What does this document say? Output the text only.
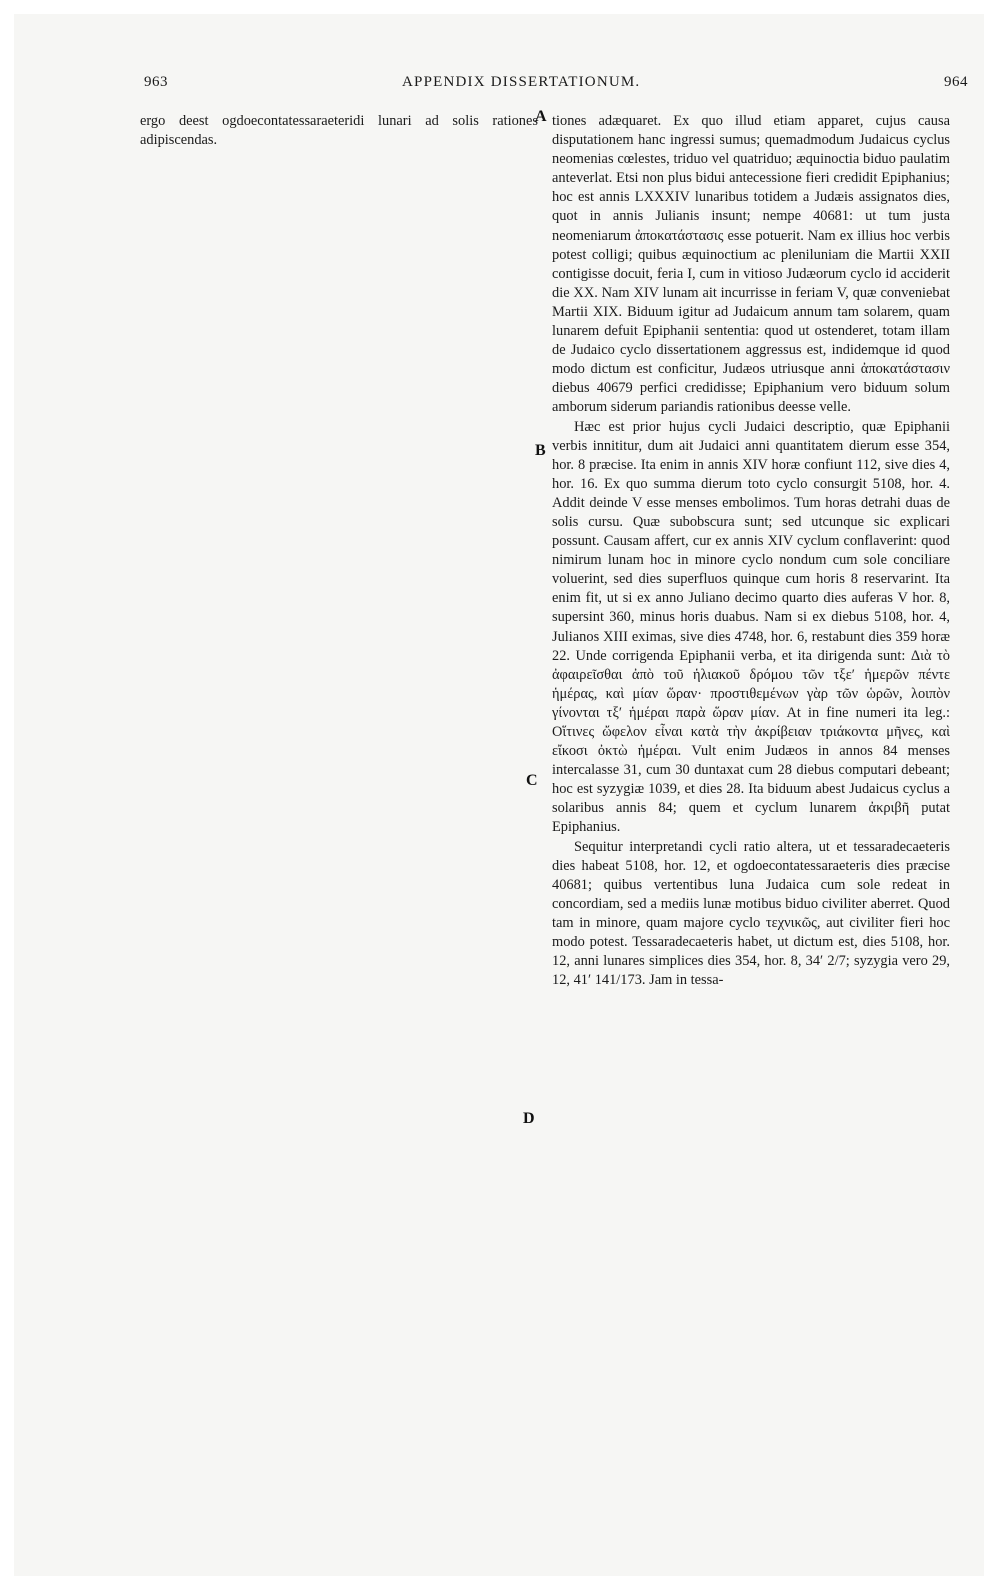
963	APPENDIX DISSERTATIONUM.	964

ergo deest ogdoecontatessaraeteridi lunari ad solis rationes adipiscendas.

tiones adæquaret. Ex quo illud etiam apparet, cujus causa disputationem hanc ingressi sumus; quemadmodum Judaicus cyclus neomenias cœlestes, triduo vel quatriduo; æquinoctia biduo paulatim anteverlat. Etsi non plus bidui antecessione fieri credidit Epiphanius; hoc est annis LXXXIV lunaribus totidem a Judæis assignatos dies, quot in annis Julianis insunt; nempe 40681: ut tum justa neomeniarum ἀποκατάστασις esse potuerit. Nam ex illius hoc verbis potest colligi; quibus æquinoctium ac pleniluniam die Martii XXII contigisse docuit, feria I, cum in vitioso Judæorum cyclo id acciderit die XX. Nam XIV lunam ait incurrisse in feriam V, quæ conveniebat Martii XIX. Biduum igitur ad Judaicum annum tam solarem, quam lunarem defuit Epiphanii sententia: quod ut ostenderet, totam illam de Judaico cyclo dissertationem aggressus est, indidemque id quod modo dictum est conficitur, Judæos utriusque anni ἀποκατάστασιν diebus 40679 perfici credidisse; Epiphanium vero biduum solum amborum siderum pariandis rationibus deesse velle.

Hæc est prior hujus cycli Judaici descriptio, quæ Epiphanii verbis innititur, dum ait Judaici anni quantitatem dierum esse 354, hor. 8 præcise. Ita enim in annis XIV horæ confiunt 112, sive dies 4, hor. 16. Ex quo summa dierum toto cyclo consurgit 5108, hor. 4. Addit deinde V esse menses embolimos. Tum horas detrahi duas de solis cursu. Quæ subobscura sunt; sed utcunque sic explicari possunt. Causam affert, cur ex annis XIV cyclum conflaverint: quod nimirum lunam hoc in minore cyclo nondum cum sole conciliare voluerint, sed dies superfluos quinque cum horis 8 reservarint. Ita enim fit, ut si ex anno Juliano decimo quarto dies auferas V hor. 8, supersint 360, minus horis duabus. Nam si ex diebus 5108, hor. 4, Julianos XIII eximas, sive dies 4748, hor. 6, restabunt dies 359 horæ 22. Unde corrigenda Epiphanii verba, et ita dirigenda sunt: Διὰ τὸ ἀφαιρεῖσθαι ἀπὸ τοῦ ἡλιακοῦ δρόμου τῶν τξε′ ἡμερῶν πέντε ἡμέρας, καὶ μίαν ὥραν· προστιθεμένων γὰρ τῶν ὡρῶν, λοιπὸν γίνονται τξ′ ἡμέραι παρὰ ὥραν μίαν. At in fine numeri ita leg.: Οἵτινες ὤφελον εἶναι κατὰ τὴν ἀκρίβειαν τριάκοντα μῆνες, καὶ εἴκοσι ὀκτὼ ἡμέραι. Vult enim Judæos in annos 84 menses intercalasse 31, cum 30 duntaxat cum 28 diebus computari debeant; hoc est syzygiæ 1039, et dies 28. Ita biduum abest Judaicus cyclus a solaribus annis 84; quem et cyclum lunarem ἀκριβῆ putat Epiphanius.

Sequitur interpretandi cycli ratio altera, ut et tessaradecaeteris dies habeat 5108, hor. 12, et ogdoecontatessaraeteris dies præcise 40681; quibus vertentibus luna Judaica cum sole redeat in concordiam, sed a mediis lunæ motibus biduo civiliter aberret. Quod tam in minore, quam majore cyclo τεχνικῶς, aut civiliter fieri hoc modo potest. Tessaradecaeteris habet, ut dictum est, dies 5108, hor. 12, anni lunares simplices dies 354, hor. 8, 34′ 2/7; syzygia vero 29, 12, 41′ 141/173. Jam in tessa-

A
B
C
D
